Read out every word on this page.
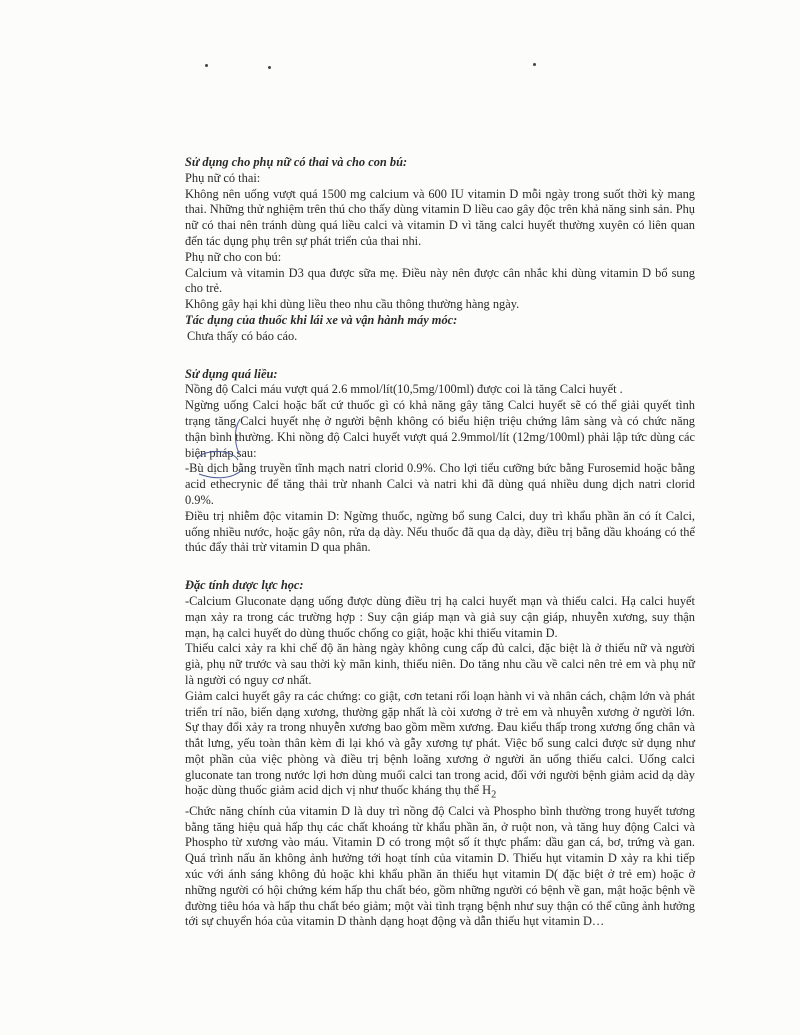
Sử dụng cho phụ nữ có thai và cho con bú:

Phụ nữ có thai:

Không nên uống vượt quá 1500 mg calcium và 600 IU vitamin D mỗi ngày trong suốt thời kỳ mang thai. Những thử nghiệm trên thú cho thấy dùng vitamin D liều cao gây độc trên khả năng sinh sản. Phụ nữ có thai nên tránh dùng quá liều calci và vitamin D vì tăng calci huyết thường xuyên có liên quan đến tác dụng phụ trên sự phát triển của thai nhi.

Phụ nữ cho con bú:

Calcium và vitamin D3 qua được sữa mẹ. Điều này nên được cân nhắc khi dùng vitamin D bổ sung cho trẻ.

Không gây hại khi dùng liều theo nhu cầu thông thường hàng ngày.

Tác dụng của thuốc khi lái xe và vận hành máy móc:

Chưa thấy có báo cáo.

Sử dụng quá liều:

Nồng độ Calci máu vượt quá 2.6 mmol/lít(10,5mg/100ml) được coi là tăng Calci huyết .

Ngừng uống Calci hoặc bất cứ thuốc gì có khả năng gây tăng Calci huyết sẽ có thể giải quyết tình trạng tăng Calci huyết nhẹ ở người bệnh không có biểu hiện triệu chứng lâm sàng và có chức năng thận bình thường. Khi nồng độ Calci huyết vượt quá 2.9mmol/lít (12mg/100ml) phải lập tức dùng các biện pháp sau:

-Bù dịch bằng truyền tĩnh mạch natri clorid 0.9%. Cho lợi tiểu cưỡng bức bằng Furosemid hoặc bằng acid ethecrynic để tăng thải trừ nhanh Calci và natri khi đã dùng quá nhiều dung dịch natri clorid 0.9%.

Điều trị nhiễm độc vitamin D: Ngừng thuốc, ngừng bổ sung Calci, duy trì khẩu phần ăn có ít Calci, uống nhiều nước, hoặc gây nôn, rửa dạ dày. Nếu thuốc đã qua dạ dày, điều trị bằng dầu khoáng có thể thúc đẩy thải trừ vitamin D qua phân.

Đặc tính dược lực học:

-Calcium Gluconate dạng uống được dùng điều trị hạ calci huyết mạn và thiếu calci. Hạ calci huyết mạn xảy ra trong các trường hợp : Suy cận giáp mạn và giả suy cận giáp, nhuyễn xương, suy thận mạn, hạ calci huyết do dùng thuốc chống co giật, hoặc khi thiếu vitamin D.

Thiếu calci xảy ra khi chế độ ăn hàng ngày không cung cấp đủ calci, đặc biệt là ở thiếu nữ và người già, phụ nữ trước và sau thời kỳ mãn kinh, thiếu niên. Do tăng nhu cầu về calci nên trẻ em và phụ nữ là người có nguy cơ nhất.

Giảm calci huyết gây ra các chứng: co giật, cơn tetani rối loạn hành vi và nhân cách, chậm lớn và phát triển trí não, biến dạng xương, thường gặp nhất là còi xương ở trẻ em và nhuyễn xương ở người lớn. Sự thay đổi xảy ra trong nhuyễn xương bao gồm mềm xương. Đau kiểu thấp trong xương ống chân và thắt lưng, yếu toàn thân kèm đi lại khó và gẫy xương tự phát. Việc bổ sung calci được sử dụng như một phần của việc phòng và điều trị bệnh loãng xương ở người ăn uống thiếu calci. Uống calci gluconate tan trong nước lợi hơn dùng muối calci tan trong acid, đối với người bệnh giảm acid dạ dày hoặc dùng thuốc giảm acid dịch vị như thuốc kháng thụ thể $H_2$

-Chức năng chính của vitamin D là duy trì nồng độ Calci và Phospho bình thường trong huyết tương bằng tăng hiệu quả hấp thụ các chất khoáng từ khẩu phần ăn, ở ruột non, và tăng huy động Calci và Phospho từ xương vào máu. Vitamin D có trong một số ít thực phẩm: dầu gan cá, bơ, trứng và gan. Quá trình nấu ăn không ảnh hưởng tới hoạt tính của vitamin D. Thiếu hụt vitamin D xảy ra khi tiếp xúc với ánh sáng không đủ hoặc khi khẩu phần ăn thiếu hụt vitamin D( đặc biệt ở trẻ em) hoặc ở những người có hội chứng kém hấp thu chất béo, gồm những người có bệnh về gan, mật hoặc bệnh về đường tiêu hóa và hấp thu chất béo giảm; một vài tình trạng bệnh như suy thận có thể cũng ảnh hưởng tới sự chuyển hóa của vitamin D thành dạng hoạt động và dẫn thiếu hụt vitamin D…
